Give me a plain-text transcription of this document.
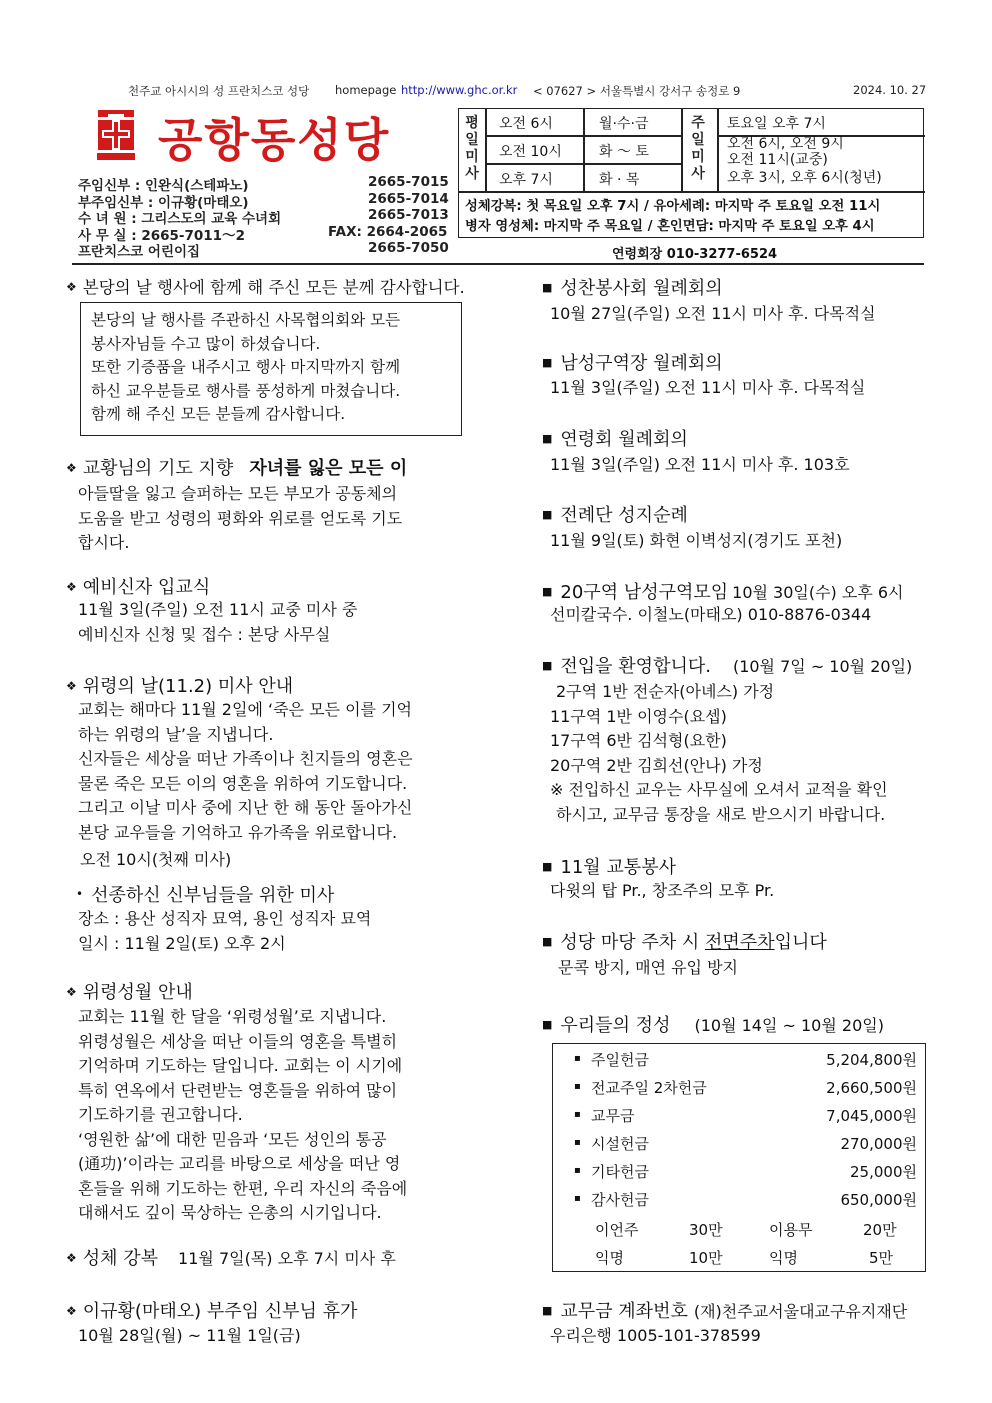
천주교 아시시의 성 프란치스코 성당 homepage http://www.ghc.or.kr < 07627 > 서울특별시 강서구 송정로 9	2024. 10. 27
공항동성당
주임신부 : 인완식(스테파노)	2665-7015
부주임신부 : 이규황(마태오)	2665-7014
수 녀 원 : 그리스도의 교육 수녀회	2665-7013
사 무 실 : 2665-7011～2	FAX: 2664-2065
프란치스코 어린이집	2665-7050
평일미사
오전 6시	월·수·금
오전 10시	화 ～ 토
오후 7시	화 · 목
주일미사
토요일 오후 7시
오전 6시, 오전 9시
오전 11시(교중)
오후 3시, 오후 6시(청년)
성체강복: 첫 목요일 오후 7시 / 유아세례: 마지막 주 토요일 오전 11시
병자 영성체: 마지막 주 목요일 / 혼인면담: 마지막 주 토요일 오후 4시
연령회장 010-3277-6524
❖ 본당의 날 행사에 함께 해 주신 모든 분께 감사합니다.
본당의 날 행사를 주관하신 사목협의회와 모든
봉사자님들 수고 많이 하셨습니다.
또한 기증품을 내주시고 행사 마지막까지 함께
하신 교우분들로 행사를 풍성하게 마쳤습니다.
함께 해 주신 모든 분들께 감사합니다.
❖ 교황님의 기도 지향 자녀를 잃은 모든 이
아들딸을 잃고 슬퍼하는 모든 부모가 공동체의
도움을 받고 성령의 평화와 위로를 얻도록 기도
합시다.
❖ 예비신자 입교식
11월 3일(주일) 오전 11시 교중 미사 중
예비신자 신청 및 접수 : 본당 사무실
❖ 위령의 날(11.2) 미사 안내
교회는 해마다 11월 2일에 ‘죽은 모든 이를 기억
하는 위령의 날’을 지냅니다.
신자들은 세상을 떠난 가족이나 친지들의 영혼은
물론 죽은 모든 이의 영혼을 위하여 기도합니다.
그리고 이날 미사 중에 지난 한 해 동안 돌아가신
본당 교우들을 기억하고 유가족을 위로합니다.
오전 10시(첫째 미사)
• 선종하신 신부님들을 위한 미사
장소 : 용산 성직자 묘역, 용인 성직자 묘역
일시 : 11월 2일(토) 오후 2시
❖ 위령성월 안내
교회는 11월 한 달을 ‘위령성월’로 지냅니다.
위령성월은 세상을 떠난 이들의 영혼을 특별히
기억하며 기도하는 달입니다. 교회는 이 시기에
특히 연옥에서 단련받는 영혼들을 위하여 많이
기도하기를 권고합니다.
‘영원한 삶’에 대한 믿음과 ‘모든 성인의 통공
(通功)’이라는 교리를 바탕으로 세상을 떠난 영
혼들을 위해 기도하는 한편, 우리 자신의 죽음에
대해서도 깊이 묵상하는 은총의 시기입니다.
❖ 성체 강복 11월 7일(목) 오후 7시 미사 후
❖ 이규황(마태오) 부주임 신부님 휴가
10월 28일(월) ~ 11월 1일(금)
■ 성찬봉사회 월례회의
10월 27일(주일) 오전 11시 미사 후. 다목적실
■ 남성구역장 월례회의
11월 3일(주일) 오전 11시 미사 후. 다목적실
■ 연령회 월례회의
11월 3일(주일) 오전 11시 미사 후. 103호
■ 전례단 성지순례
11월 9일(토) 화현 이벽성지(경기도 포천)
■ 20구역 남성구역모임 10월 30일(수) 오후 6시
선미칼국수. 이철노(마태오) 010-8876-0344
■ 전입을 환영합니다. (10월 7일 ~ 10월 20일)
2구역 1반 전순자(아녜스) 가정
11구역 1반 이영수(요셉)
17구역 6반 김석형(요한)
20구역 2반 김희선(안나) 가정
※ 전입하신 교우는 사무실에 오셔서 교적을 확인
하시고, 교무금 통장을 새로 받으시기 바랍니다.
■ 11월 교통봉사
다윗의 탑 Pr., 창조주의 모후 Pr.
■ 성당 마당 주차 시 전면주차입니다
문콕 방지, 매연 유입 방지
■ 우리들의 정성 (10월 14일 ~ 10월 20일)
▪ 주일헌금	5,204,800원
▪ 전교주일 2차헌금	2,660,500원
▪ 교무금	7,045,000원
▪ 시설헌금	270,000원
▪ 기타헌금	25,000원
▪ 감사헌금	650,000원
이언주	30만	이용무	20만
익명	10만	익명	5만
■ 교무금 계좌번호 (재)천주교서울대교구유지재단
우리은행 1005-101-378599
